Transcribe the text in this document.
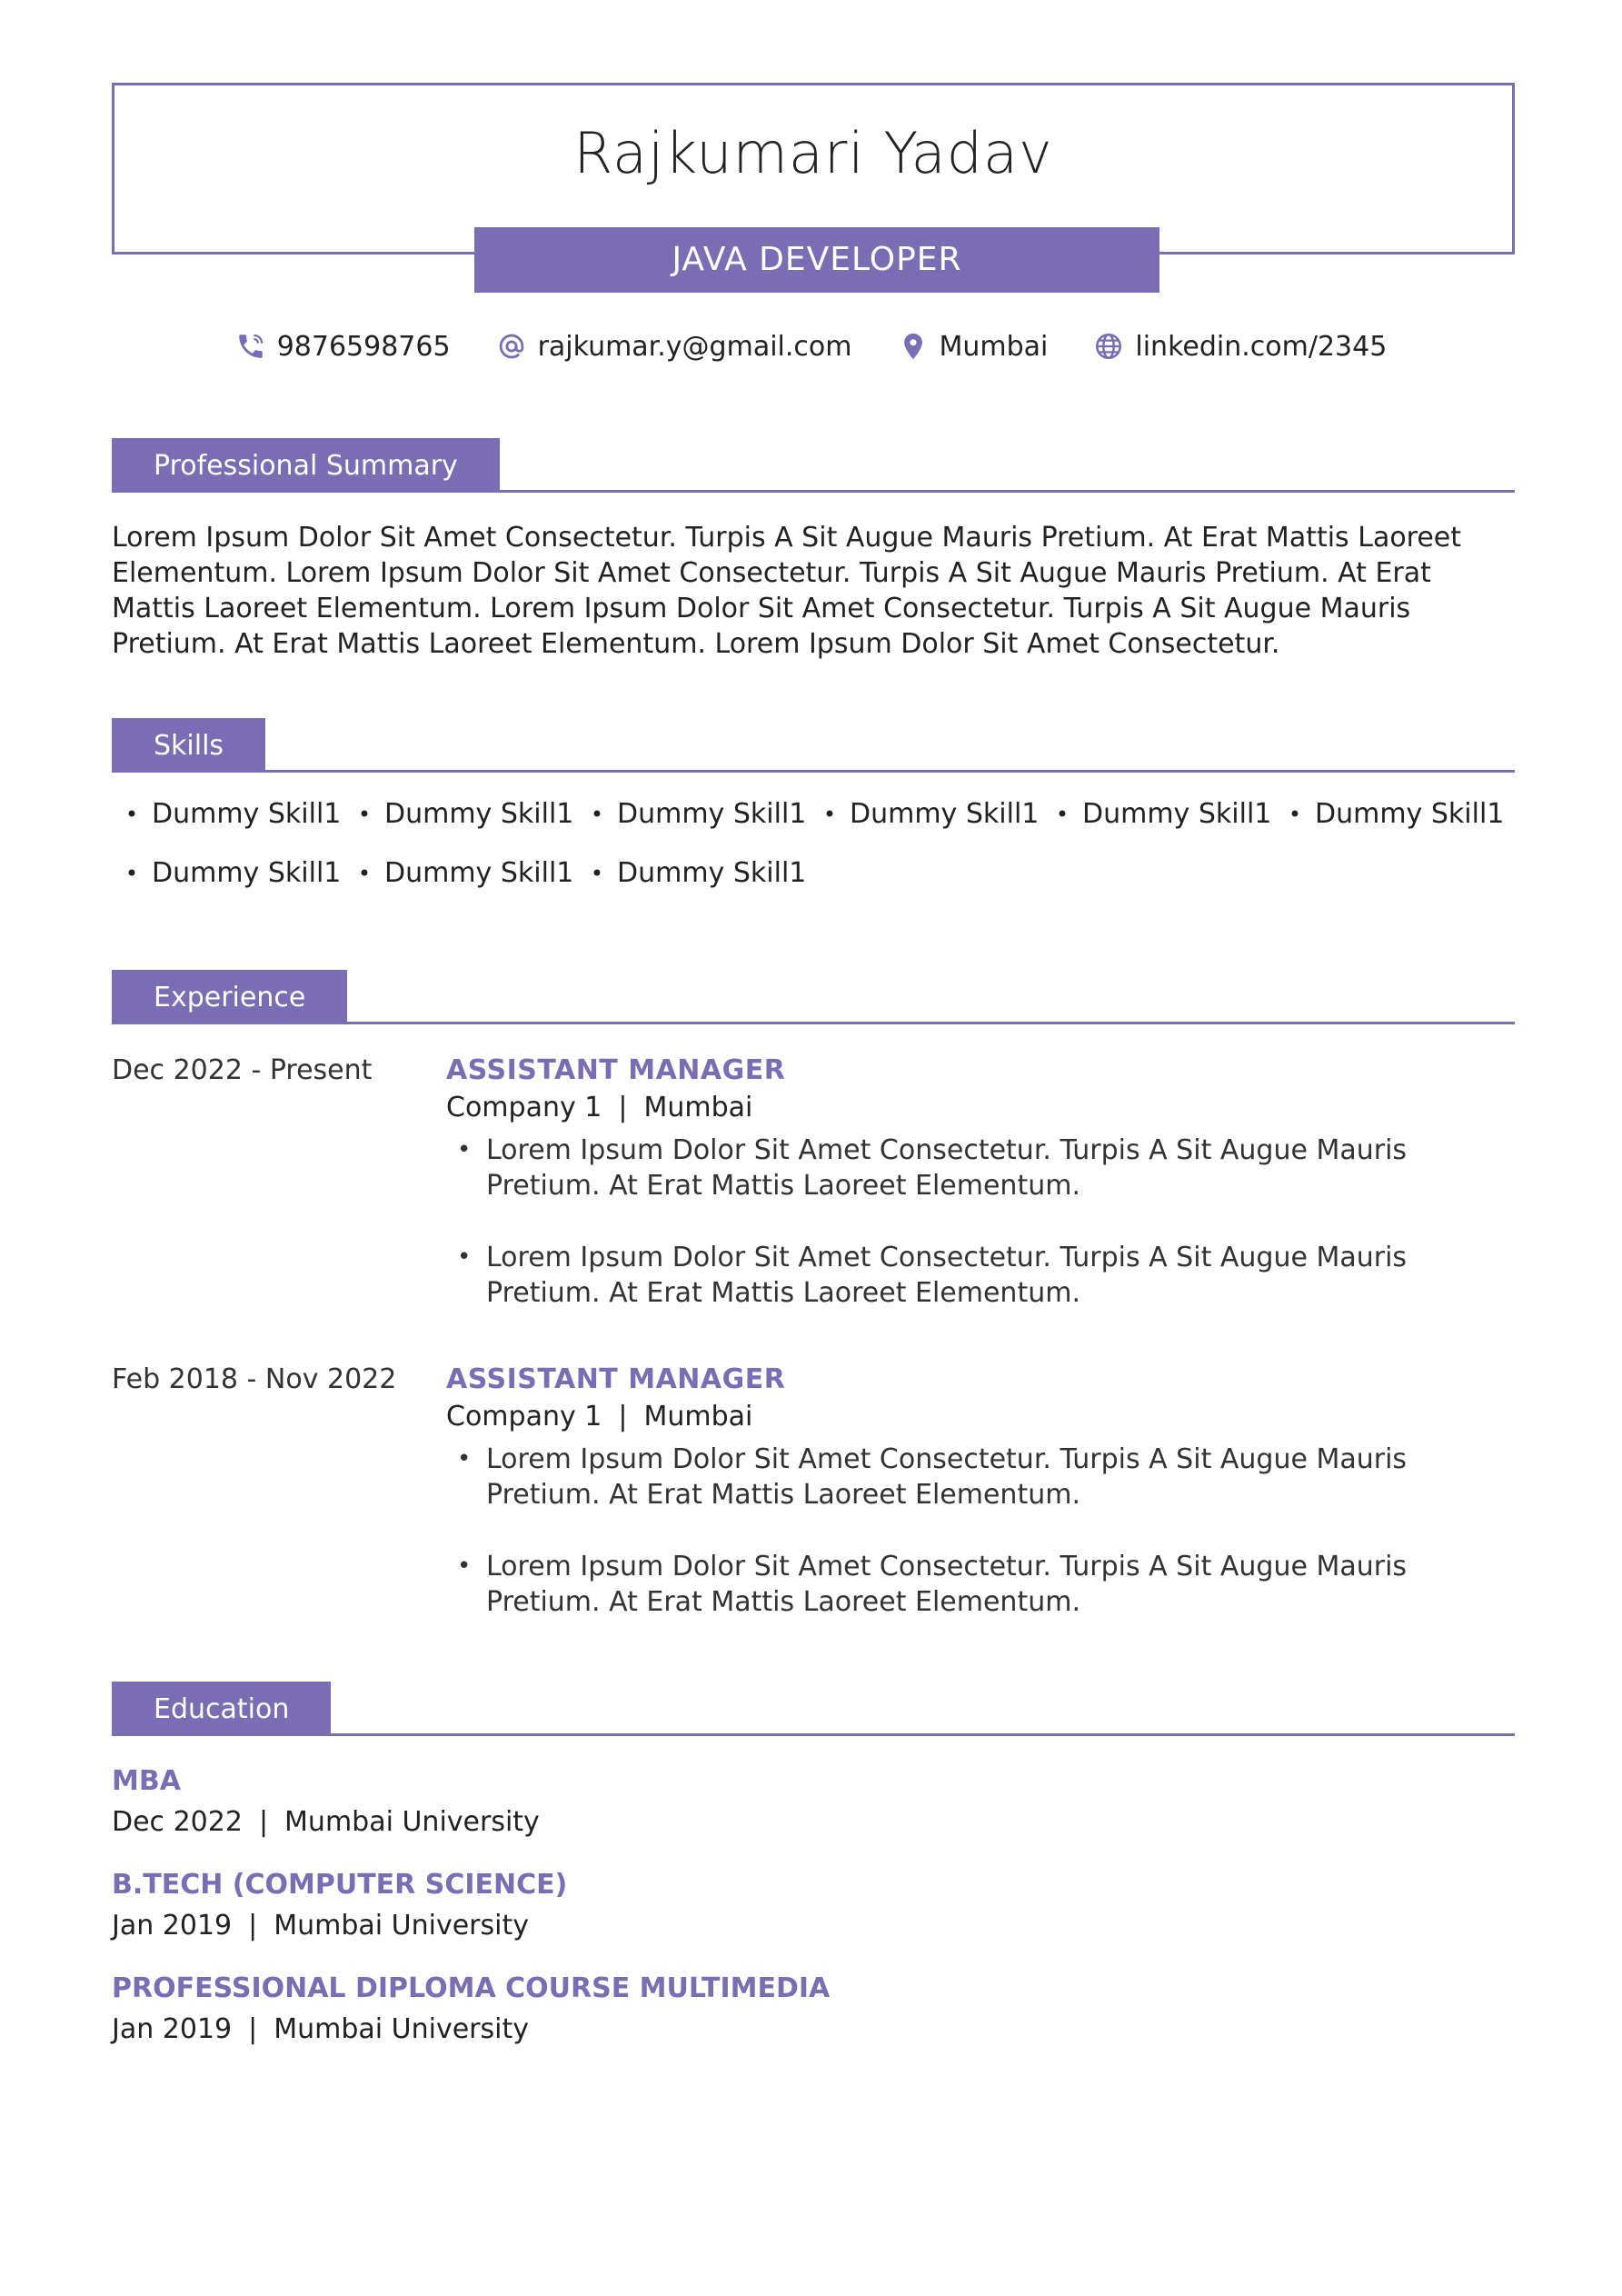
Rajkumari Yadav
JAVA DEVELOPER
9876598765	rajkumar.y@gmail.com	Mumbai	linkedin.com/2345
Professional Summary
Lorem Ipsum Dolor Sit Amet Consectetur. Turpis A Sit Augue Mauris Pretium. At Erat Mattis Laoreet Elementum. Lorem Ipsum Dolor Sit Amet Consectetur. Turpis A Sit Augue Mauris Pretium. At Erat Mattis Laoreet Elementum. Lorem Ipsum Dolor Sit Amet Consectetur. Turpis A Sit Augue Mauris Pretium. At Erat Mattis Laoreet Elementum. Lorem Ipsum Dolor Sit Amet Consectetur.
Skills
• Dummy Skill1 • Dummy Skill1 • Dummy Skill1 • Dummy Skill1 • Dummy Skill1 • Dummy Skill1
• Dummy Skill1 • Dummy Skill1 • Dummy Skill1
Experience
Dec 2022 - Present	ASSISTANT MANAGER
Company 1 | Mumbai
• Lorem Ipsum Dolor Sit Amet Consectetur. Turpis A Sit Augue Mauris Pretium. At Erat Mattis Laoreet Elementum.
• Lorem Ipsum Dolor Sit Amet Consectetur. Turpis A Sit Augue Mauris Pretium. At Erat Mattis Laoreet Elementum.
Feb 2018 - Nov 2022 ASSISTANT MANAGER
Company 1 | Mumbai
• Lorem Ipsum Dolor Sit Amet Consectetur. Turpis A Sit Augue Mauris Pretium. At Erat Mattis Laoreet Elementum.
• Lorem Ipsum Dolor Sit Amet Consectetur. Turpis A Sit Augue Mauris Pretium. At Erat Mattis Laoreet Elementum.
Education
MBA
Dec 2022 | Mumbai University
B.TECH (COMPUTER SCIENCE)
Jan 2019 | Mumbai University
PROFESSIONAL DIPLOMA COURSE MULTIMEDIA
Jan 2019 | Mumbai University
